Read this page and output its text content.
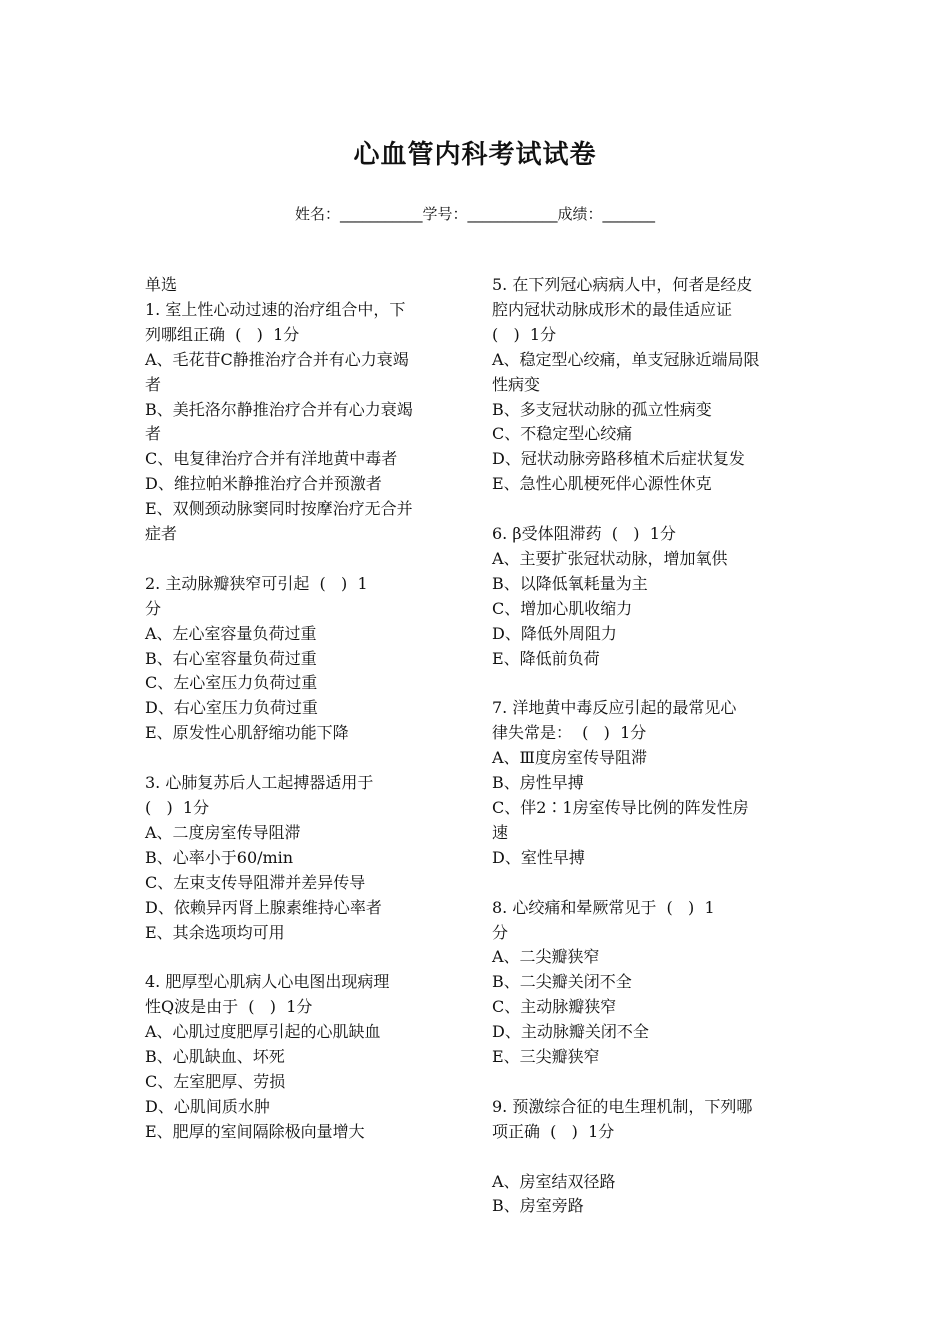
心血管内科考试试卷
姓名：___________学号：____________成绩：_______
单选
1. 室上性心动过速的治疗组合中，下
列哪组正确  (   )  1分
A、毛花苷C静推治疗合并有心力衰竭
者
B、美托洛尔静推治疗合并有心力衰竭
者
C、电复律治疗合并有洋地黄中毒者
D、维拉帕米静推治疗合并预激者
E、双侧颈动脉窦同时按摩治疗无合并
症者
2. 主动脉瓣狭窄可引起  (   )  1
分
A、左心室容量负荷过重
B、右心室容量负荷过重
C、左心室压力负荷过重
D、右心室压力负荷过重
E、原发性心肌舒缩功能下降
3. 心肺复苏后人工起搏器适用于
(   )  1分
A、二度房室传导阻滞
B、心率小于60/min
C、左束支传导阻滞并差异传导
D、依赖异丙肾上腺素维持心率者
E、其余选项均可用
4. 肥厚型心肌病人心电图出现病理
性Q波是由于  (   )  1分
A、心肌过度肥厚引起的心肌缺血
B、心肌缺血、坏死
C、左室肥厚、劳损
D、心肌间质水肿
E、肥厚的室间隔除极向量增大
5. 在下列冠心病病人中，何者是经皮
腔内冠状动脉成形术的最佳适应证
(   )  1分
A、稳定型心绞痛，单支冠脉近端局限
性病变
B、多支冠状动脉的孤立性病变
C、不稳定型心绞痛
D、冠状动脉旁路移植术后症状复发
E、急性心肌梗死伴心源性休克
6. β受体阻滞药  (   )  1分
A、主要扩张冠状动脉，增加氧供
B、以降低氧耗量为主
C、增加心肌收缩力
D、降低外周阻力
E、降低前负荷
7. 洋地黄中毒反应引起的最常见心
律失常是：  (   )  1分
A、Ⅲ度房室传导阻滞
B、房性早搏
C、伴2∶1房室传导比例的阵发性房
速
D、室性早搏
8. 心绞痛和晕厥常见于  (   )  1
分
A、二尖瓣狭窄
B、二尖瓣关闭不全
C、主动脉瓣狭窄
D、主动脉瓣关闭不全
E、三尖瓣狭窄
9. 预激综合征的电生理机制，下列哪
项正确  (   )  1分
A、房室结双径路
B、房室旁路
